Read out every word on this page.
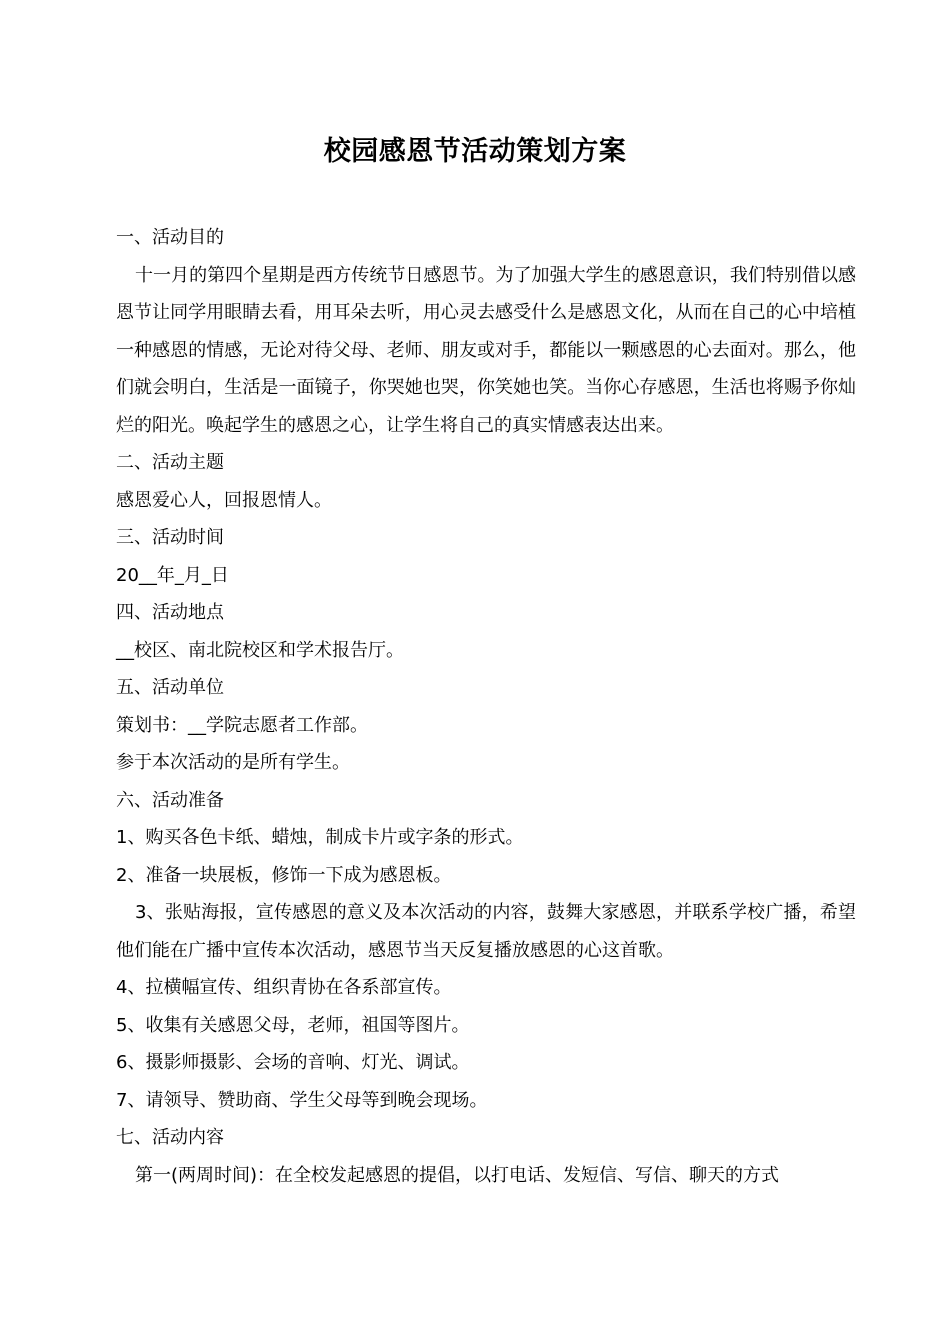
校园感恩节活动策划方案

一、活动目的

十一月的第四个星期是西方传统节日感恩节。为了加强大学生的感恩意识，我们特别借以感恩节让同学用眼睛去看，用耳朵去听，用心灵去感受什么是感恩文化，从而在自己的心中培植一种感恩的情感，无论对待父母、老师、朋友或对手，都能以一颗感恩的心去面对。那么，他们就会明白，生活是一面镜子，你哭她也哭，你笑她也笑。当你心存感恩，生活也将赐予你灿烂的阳光。唤起学生的感恩之心，让学生将自己的真实情感表达出来。

二、活动主题

感恩爱心人，回报恩情人。

三、活动时间

20__年_月_日

四、活动地点

__校区、南北院校区和学术报告厅。

五、活动单位

策划书：__学院志愿者工作部。

参于本次活动的是所有学生。

六、活动准备

1、购买各色卡纸、蜡烛，制成卡片或字条的形式。

2、准备一块展板，修饰一下成为感恩板。

3、张贴海报，宣传感恩的意义及本次活动的内容，鼓舞大家感恩，并联系学校广播，希望他们能在广播中宣传本次活动，感恩节当天反复播放感恩的心这首歌。

4、拉横幅宣传、组织青协在各系部宣传。

5、收集有关感恩父母，老师，祖国等图片。

6、摄影师摄影、会场的音响、灯光、调试。

7、请领导、赞助商、学生父母等到晚会现场。

七、活动内容

第一(两周时间)：在全校发起感恩的提倡，以打电话、发短信、写信、聊天的方式
